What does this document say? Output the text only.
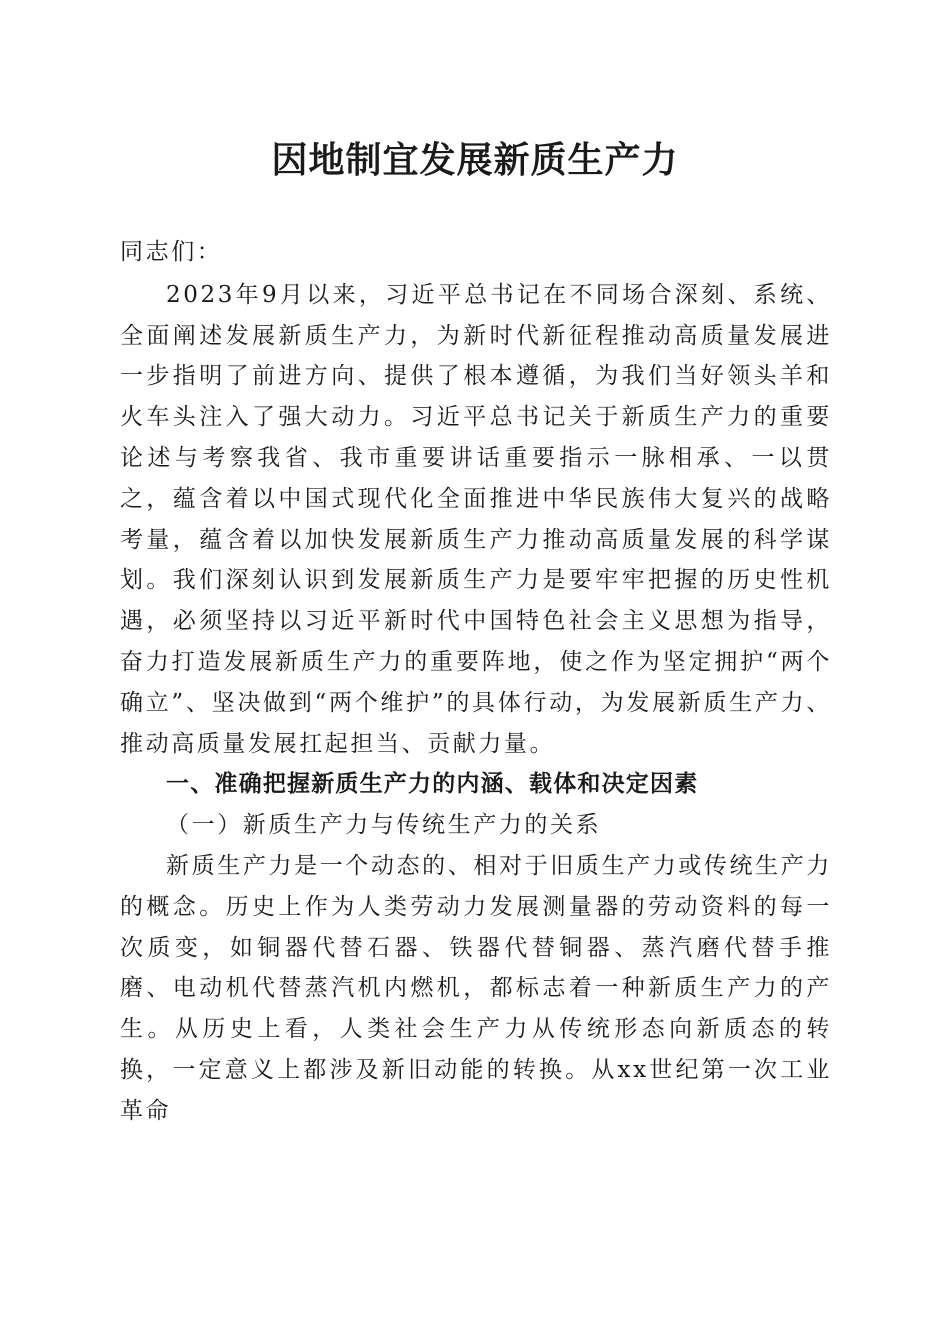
因地制宜发展新质生产力

同志们：

2023年9月以来，习近平总书记在不同场合深刻、系统、全面阐述发展新质生产力，为新时代新征程推动高质量发展进一步指明了前进方向、提供了根本遵循，为我们当好领头羊和火车头注入了强大动力。习近平总书记关于新质生产力的重要论述与考察我省、我市重要讲话重要指示一脉相承、一以贯之，蕴含着以中国式现代化全面推进中华民族伟大复兴的战略考量，蕴含着以加快发展新质生产力推动高质量发展的科学谋划。我们深刻认识到发展新质生产力是要牢牢把握的历史性机遇，必须坚持以习近平新时代中国特色社会主义思想为指导，奋力打造发展新质生产力的重要阵地，使之作为坚定拥护“两个确立”、坚决做到“两个维护”的具体行动，为发展新质生产力、推动高质量发展扛起担当、贡献力量。

一、准确把握新质生产力的内涵、载体和决定因素

（一）新质生产力与传统生产力的关系

新质生产力是一个动态的、相对于旧质生产力或传统生产力的概念。历史上作为人类劳动力发展测量器的劳动资料的每一次质变，如铜器代替石器、铁器代替铜器、蒸汽磨代替手推磨、电动机代替蒸汽机内燃机，都标志着一种新质生产力的产生。从历史上看，人类社会生产力从传统形态向新质态的转换，一定意义上都涉及新旧动能的转换。从xx世纪第一次工业革命
